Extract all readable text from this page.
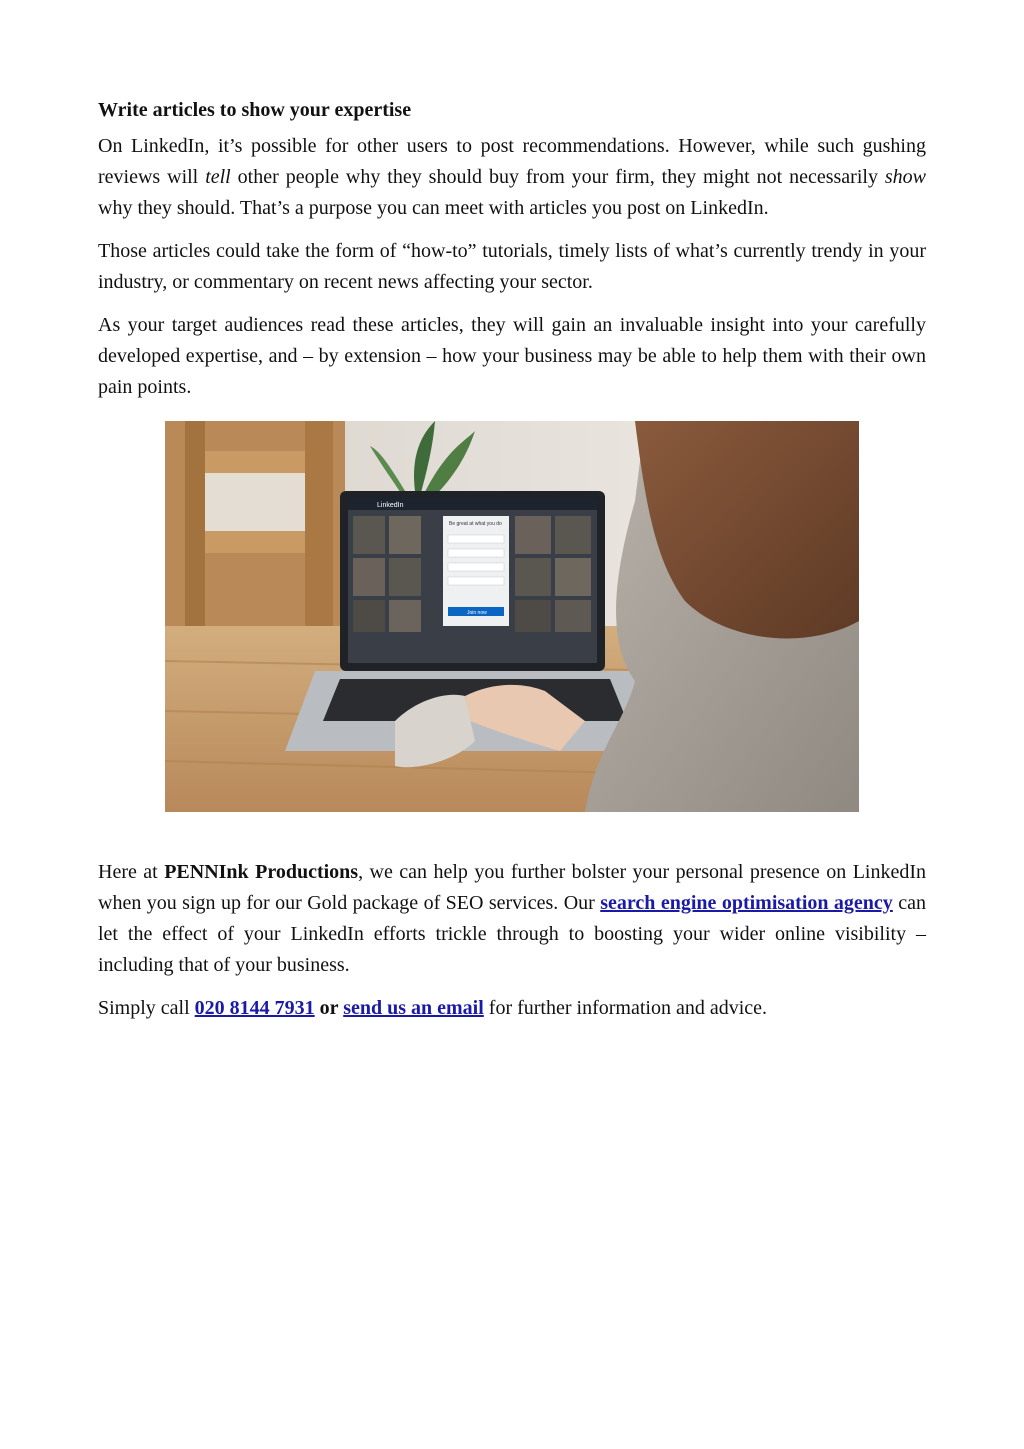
Write articles to show your expertise

On LinkedIn, it’s possible for other users to post recommendations. However, while such gushing reviews will tell other people why they should buy from your firm, they might not necessarily show why they should. That’s a purpose you can meet with articles you post on LinkedIn.

Those articles could take the form of “how-to” tutorials, timely lists of what’s currently trendy in your industry, or commentary on recent news affecting your sector.

As your target audiences read these articles, they will gain an invaluable insight into your carefully developed expertise, and – by extension – how your business may be able to help them with their own pain points.

LinkedIn
Be great at what you do
Join now

Here at PENNInk Productions, we can help you further bolster your personal presence on LinkedIn when you sign up for our Gold package of SEO services. Our search engine optimisation agency can let the effect of your LinkedIn efforts trickle through to boosting your wider online visibility – including that of your business.

Simply call 020 8144 7931 or send us an email for further information and advice.
